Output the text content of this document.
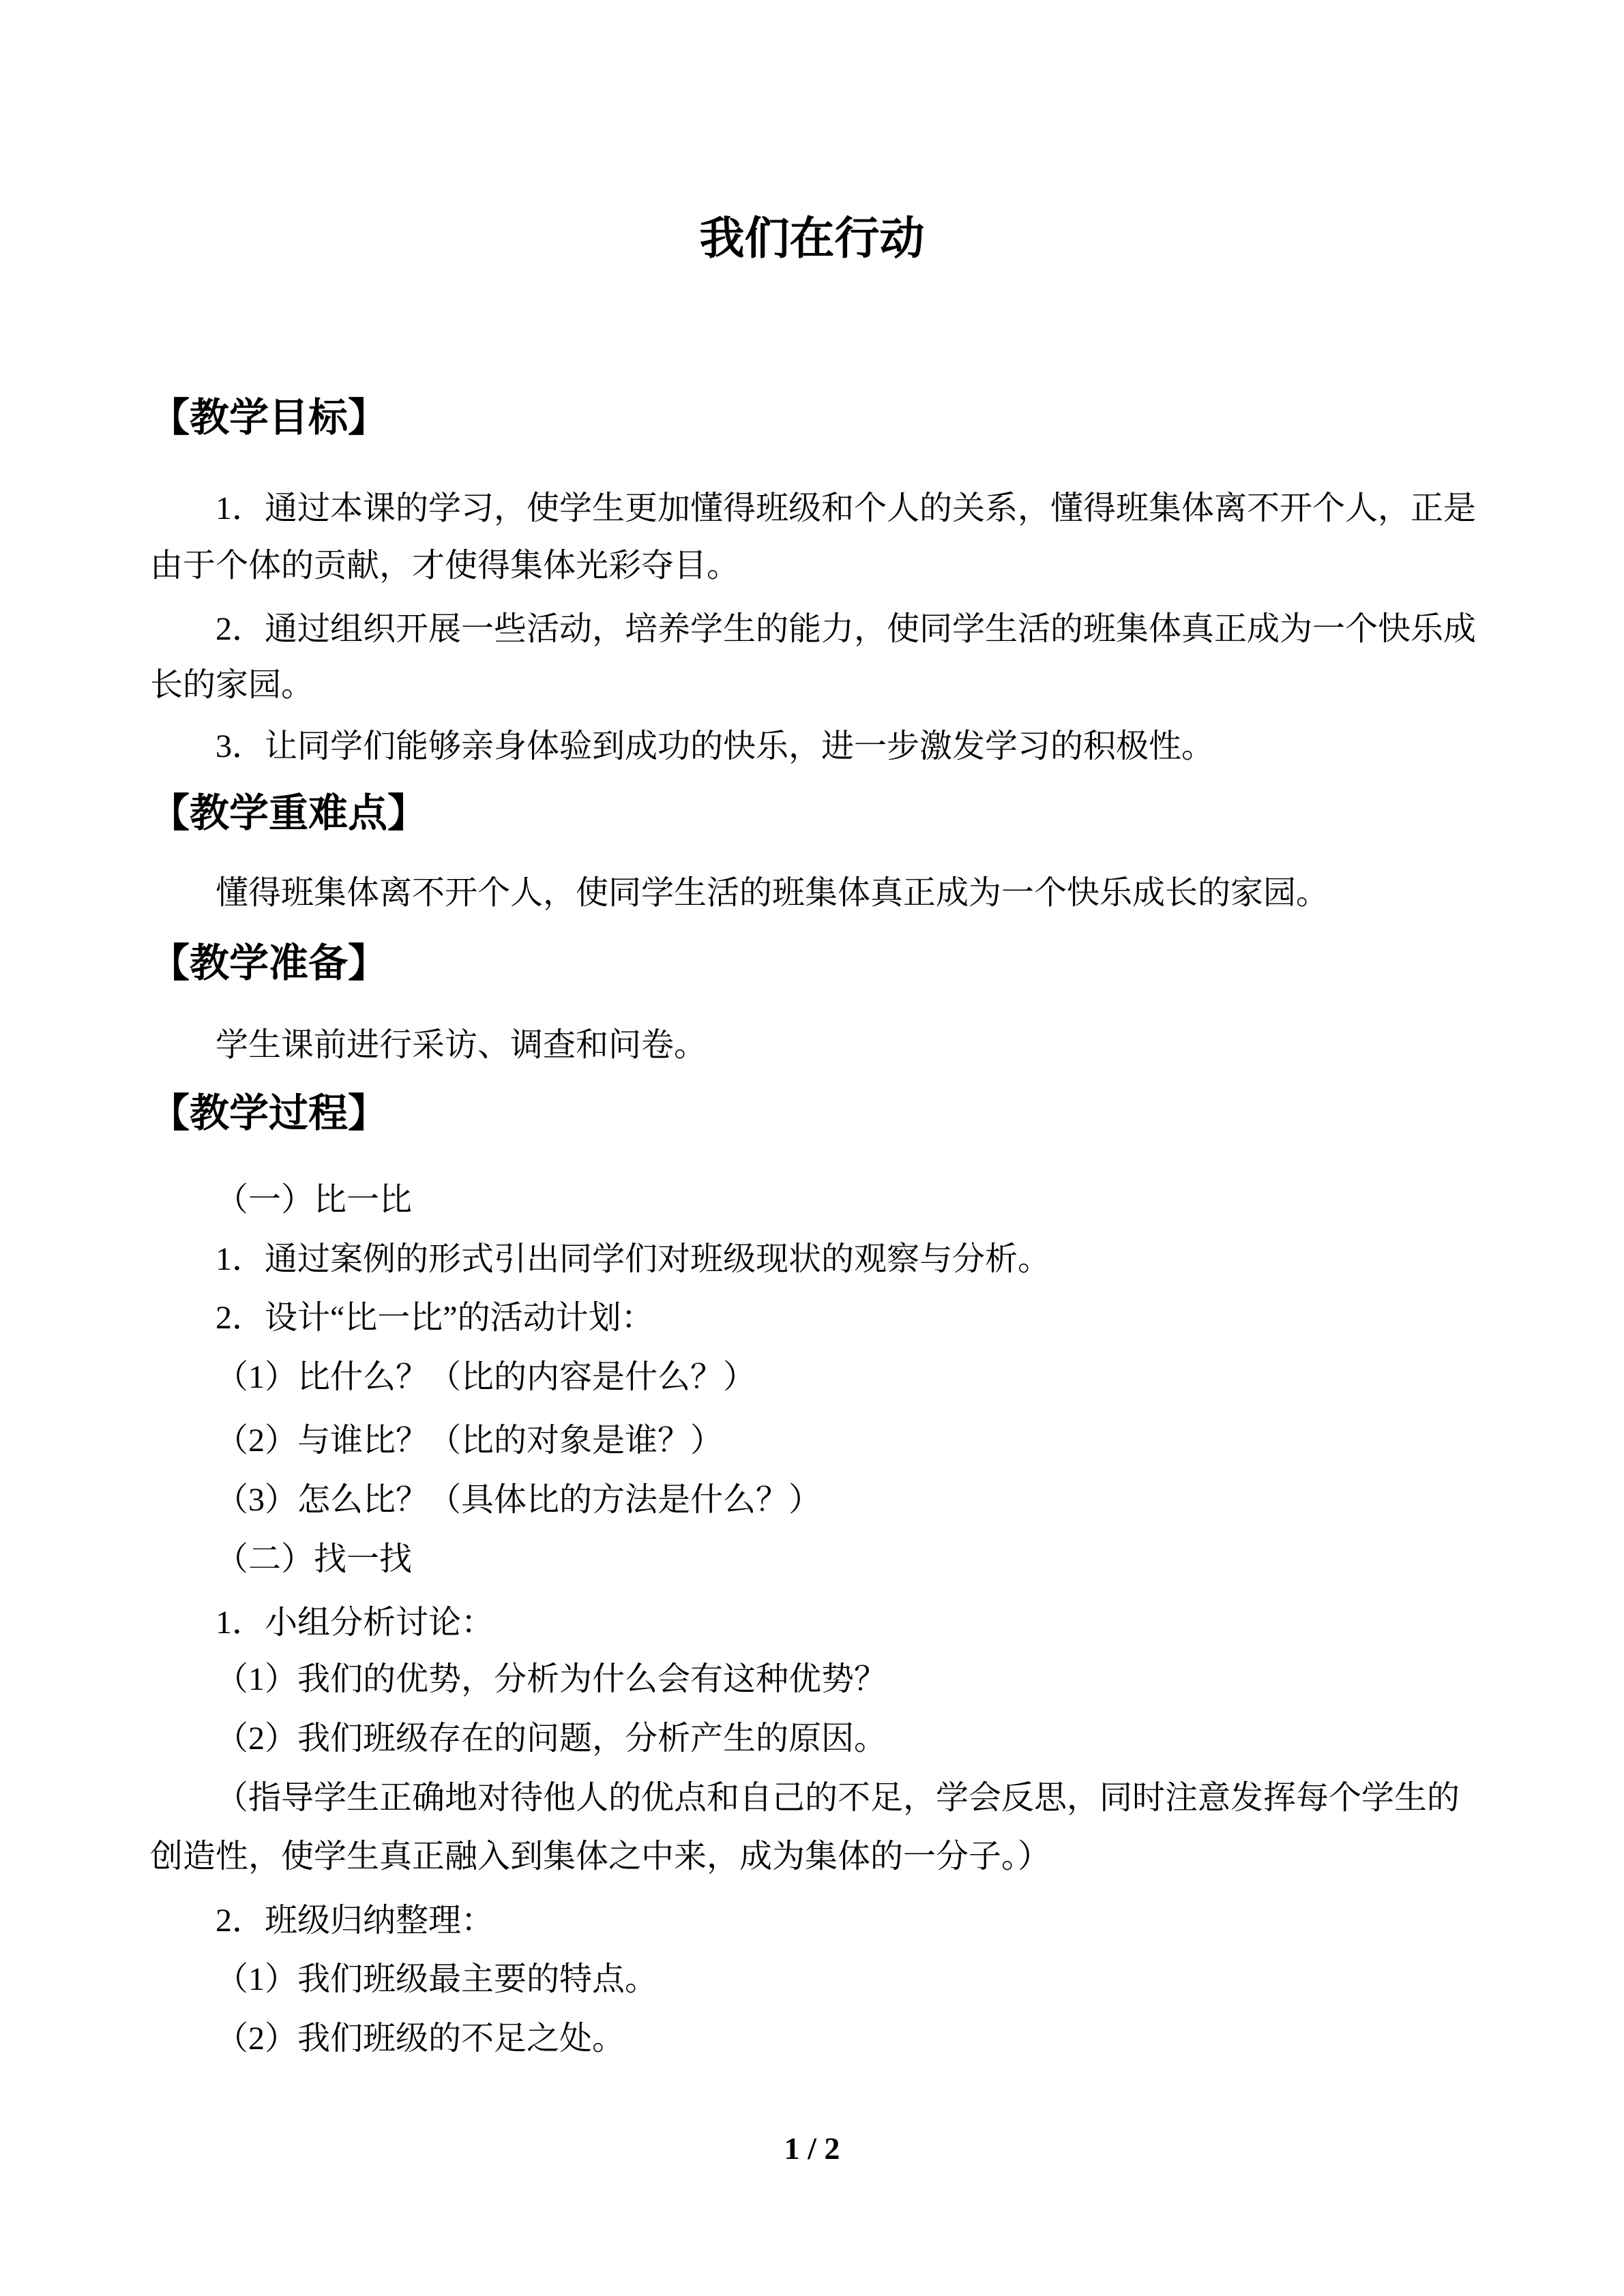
我们在行动
【教学目标】
1．通过本课的学习，使学生更加懂得班级和个人的关系，懂得班集体离不开个人，正是
由于个体的贡献，才使得集体光彩夺目。
2．通过组织开展一些活动，培养学生的能力，使同学生活的班集体真正成为一个快乐成
长的家园。
3．让同学们能够亲身体验到成功的快乐，进一步激发学习的积极性。
【教学重难点】
懂得班集体离不开个人，使同学生活的班集体真正成为一个快乐成长的家园。
【教学准备】
学生课前进行采访、调查和问卷。
【教学过程】
（一）比一比
1．通过案例的形式引出同学们对班级现状的观察与分析。
2．设计“比一比”的活动计划：
（1）比什么？（比的内容是什么？）
（2）与谁比？（比的对象是谁？）
（3）怎么比？（具体比的方法是什么？）
（二）找一找
1．小组分析讨论：
（1）我们的优势，分析为什么会有这种优势？
（2）我们班级存在的问题，分析产生的原因。
（指导学生正确地对待他人的优点和自己的不足，学会反思，同时注意发挥每个学生的
创造性，使学生真正融入到集体之中来，成为集体的一分子。）
2．班级归纳整理：
（1）我们班级最主要的特点。
（2）我们班级的不足之处。
1 / 2
